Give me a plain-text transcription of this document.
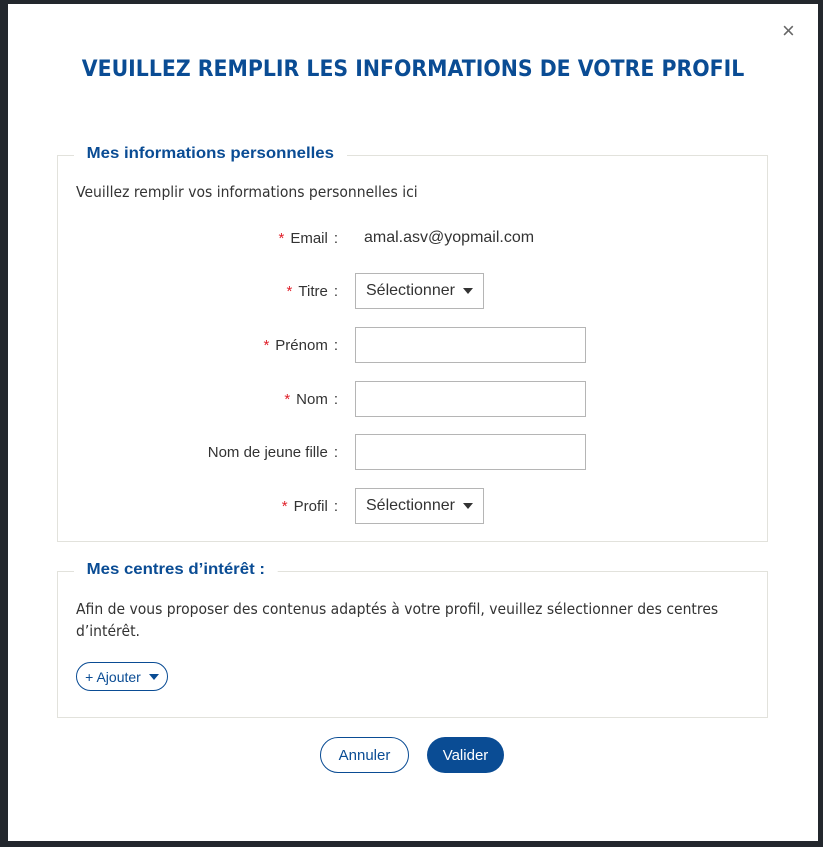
×
VEUILLEZ REMPLIR LES INFORMATIONS DE VOTRE PROFIL
Mes informations personnelles
Veuillez remplir vos informations personnelles ici
* Email : amal.asv@yopmail.com
* Titre : Sélectionner
* Prénom :
* Nom :
Nom de jeune fille :
* Profil : Sélectionner
Mes centres d’intérêt :
Afin de vous proposer des contenus adaptés à votre profil, veuillez sélectionner des centres d’intérêt.
+ Ajouter
Annuler	Valider
